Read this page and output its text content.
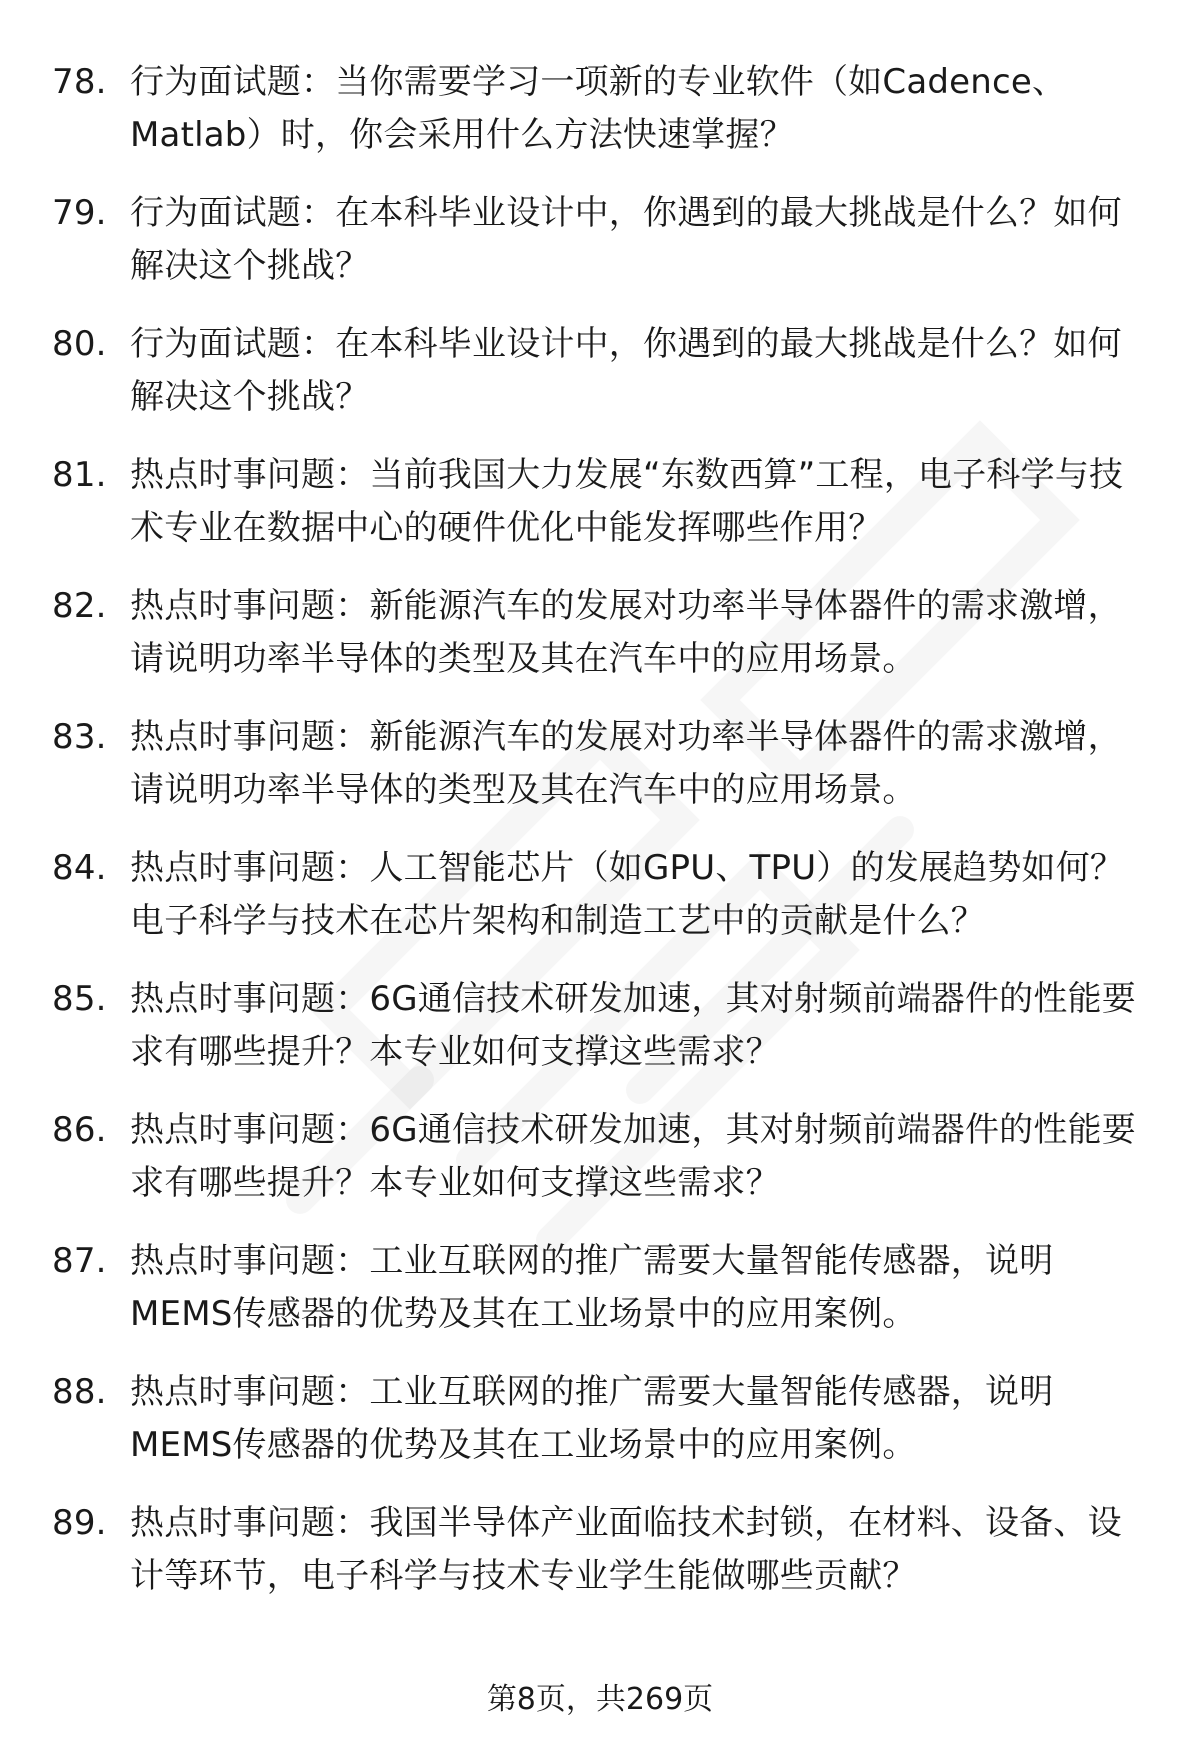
78. 行为面试题：当你需要学习一项新的专业软件（如Cadence、Matlab）时，你会采用什么方法快速掌握？
79. 行为面试题：在本科毕业设计中，你遇到的最大挑战是什么？如何解决这个挑战？
80. 行为面试题：在本科毕业设计中，你遇到的最大挑战是什么？如何解决这个挑战？
81. 热点时事问题：当前我国大力发展“东数西算”工程，电子科学与技术专业在数据中心的硬件优化中能发挥哪些作用？
82. 热点时事问题：新能源汽车的发展对功率半导体器件的需求激增，请说明功率半导体的类型及其在汽车中的应用场景。
83. 热点时事问题：新能源汽车的发展对功率半导体器件的需求激增，请说明功率半导体的类型及其在汽车中的应用场景。
84. 热点时事问题：人工智能芯片（如GPU、TPU）的发展趋势如何？电子科学与技术在芯片架构和制造工艺中的贡献是什么？
85. 热点时事问题：6G通信技术研发加速，其对射频前端器件的性能要求有哪些提升？本专业如何支撑这些需求？
86. 热点时事问题：6G通信技术研发加速，其对射频前端器件的性能要求有哪些提升？本专业如何支撑这些需求？
87. 热点时事问题：工业互联网的推广需要大量智能传感器，说明MEMS传感器的优势及其在工业场景中的应用案例。
88. 热点时事问题：工业互联网的推广需要大量智能传感器，说明MEMS传感器的优势及其在工业场景中的应用案例。
89. 热点时事问题：我国半导体产业面临技术封锁，在材料、设备、设计等环节，电子科学与技术专业学生能做哪些贡献？
第8页，共269页
